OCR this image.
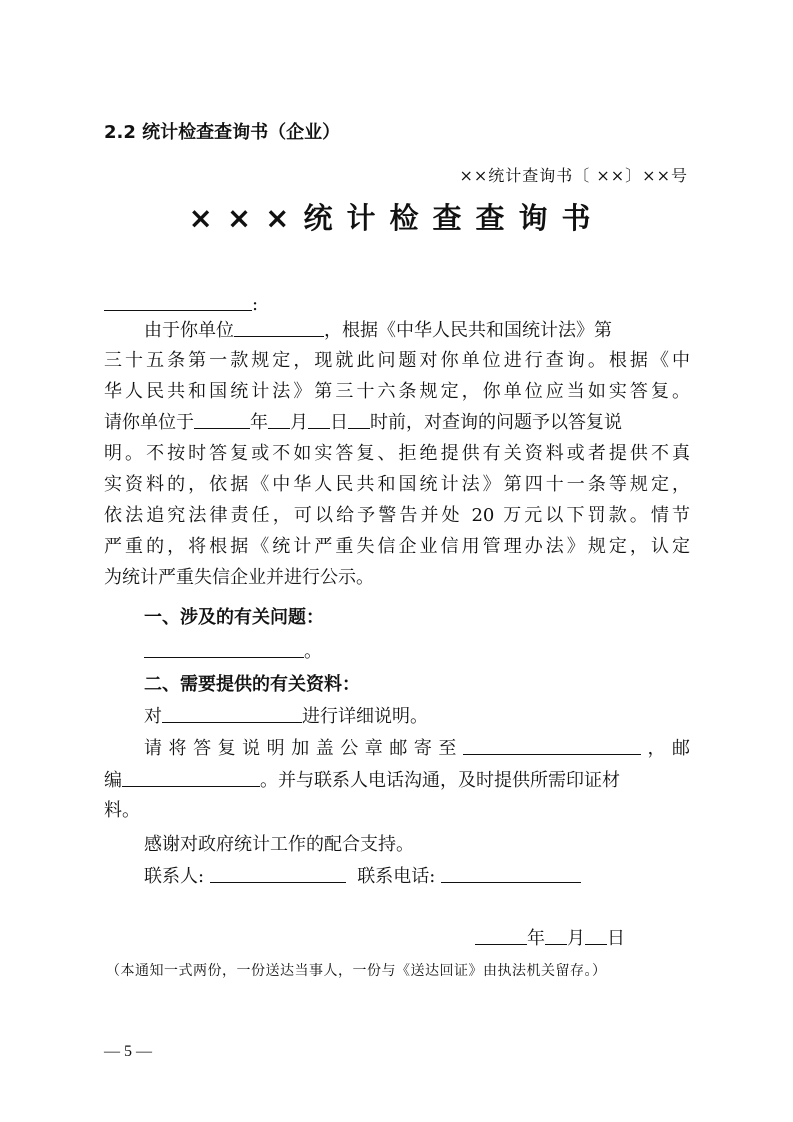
2.2 统计检查查询书（企业）
××统计查询书〔 ××〕××号
×××统计检查查询书
:
由于你单位	，根据《中华人民共和国统计法》第
三十五条第一款规定，现就此问题对你单位进行查询。根据《中
华人民共和国统计法》第三十六条规定，你单位应当如实答复。
请你单位于	年 月 日 时前，对查询的问题予以答复说
明。不按时答复或不如实答复、拒绝提供有关资料或者提供不真
实资料的，依据《中华人民共和国统计法》第四十一条等规定，
依法追究法律责任，可以给予警告并处 20 万元以下罚款。情节
严重的，将根据《统计严重失信企业信用管理办法》规定，认定
为统计严重失信企业并进行公示。
一、涉及的有关问题：
。
二、需要提供的有关资料：
对	进行详细说明。
请将答复说明加盖公章邮寄至	，邮
编	。并与联系人电话沟通，及时提供所需印证材
料。
感谢对政府统计工作的配合支持。
联系人:	联系电话:
年 月 日
（本通知一式两份，一份送达当事人，一份与《送达回证》由执法机关留存。）
— 5 —
